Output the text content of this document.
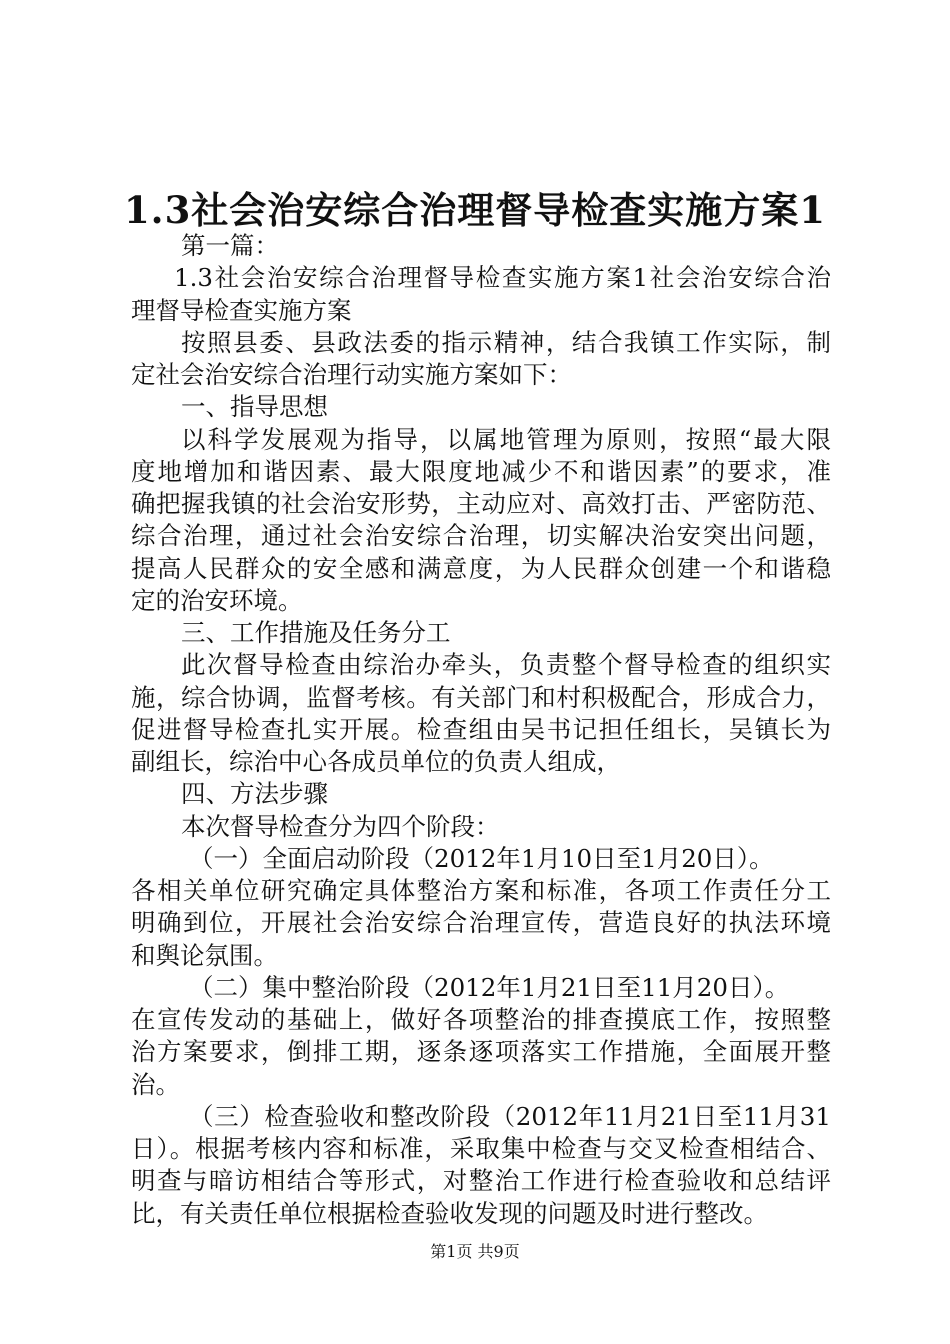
1.3社会治安综合治理督导检查实施方案1
第一篇：
1.3社会治安综合治理督导检查实施方案1社会治安综合治
理督导检查实施方案
按照县委、县政法委的指示精神，结合我镇工作实际，制
定社会治安综合治理行动实施方案如下：
一、指导思想
以科学发展观为指导，以属地管理为原则，按照“最大限
度地增加和谐因素、最大限度地减少不和谐因素”的要求，准
确把握我镇的社会治安形势，主动应对、高效打击、严密防范、
综合治理，通过社会治安综合治理，切实解决治安突出问题，
提高人民群众的安全感和满意度，为人民群众创建一个和谐稳
定的治安环境。
三、工作措施及任务分工
此次督导检查由综治办牵头，负责整个督导检查的组织实
施，综合协调，监督考核。有关部门和村积极配合，形成合力，
促进督导检查扎实开展。检查组由吴书记担任组长，吴镇长为
副组长，综治中心各成员单位的负责人组成，
四、方法步骤
本次督导检查分为四个阶段：
（一）全面启动阶段（2012年1月10日至1月20日）。
各相关单位研究确定具体整治方案和标准，各项工作责任分工
明确到位，开展社会治安综合治理宣传，营造良好的执法环境
和舆论氛围。
（二）集中整治阶段（2012年1月21日至11月20日）。
在宣传发动的基础上，做好各项整治的排查摸底工作，按照整
治方案要求，倒排工期，逐条逐项落实工作措施，全面展开整
治。
（三）检查验收和整改阶段（2012年11月21日至11月31
日）。根据考核内容和标准，采取集中检查与交叉检查相结合、
明查与暗访相结合等形式，对整治工作进行检查验收和总结评
比，有关责任单位根据检查验收发现的问题及时进行整改。
第1页 共9页
